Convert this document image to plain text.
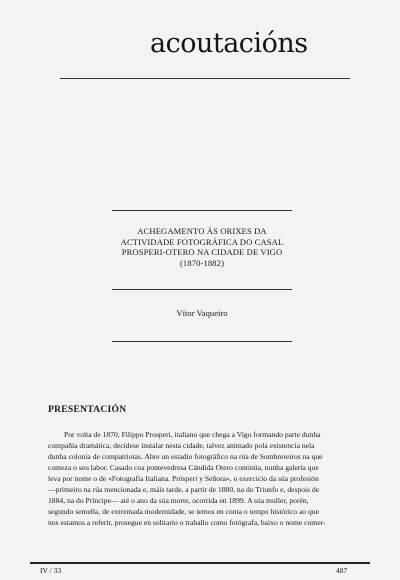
acoutacións
ACHEGAMENTO ÁS ORIXES DA
ACTIVIDADE FOTOGRÁFICA DO CASAL
PROSPERI-OTERO NA CIDADE DE VIGO
(1870-1882)
Vítor Vaqueiro
PRESENTACIÓN
Por volta de 1870, Filippo Prosperi, italiano que chega a Vigo formando parte dunha
compañía dramática, decídese instalar nesta cidade, talvez animado pola existencia nela
dunha colonia de compatriotas. Abre un estadio fotográfico na rúa de Sombrereiros na que
comeza o seu labor. Casado coa pontevedresa Cándida Otero continúa, nunha galería que
leva por nome o de «Fotografía Italiana. Prósperi y Señora», o exercicio da súa profesión
—primeiro na rúa mencionada e, máis tarde, a partir de 1880, na do Triunfo e, despois de
1884, na do Príncipe— até o ano da súa morte, ocorrida en 1899. A súa muller, porén,
segundo semella, de extremada modernidade, se temos en conta o tempo histórico ao que
nos estamos a referir, prosegue en solitario o traballo como fotógrafa, baixo o nome comer-
IV / 33	487
